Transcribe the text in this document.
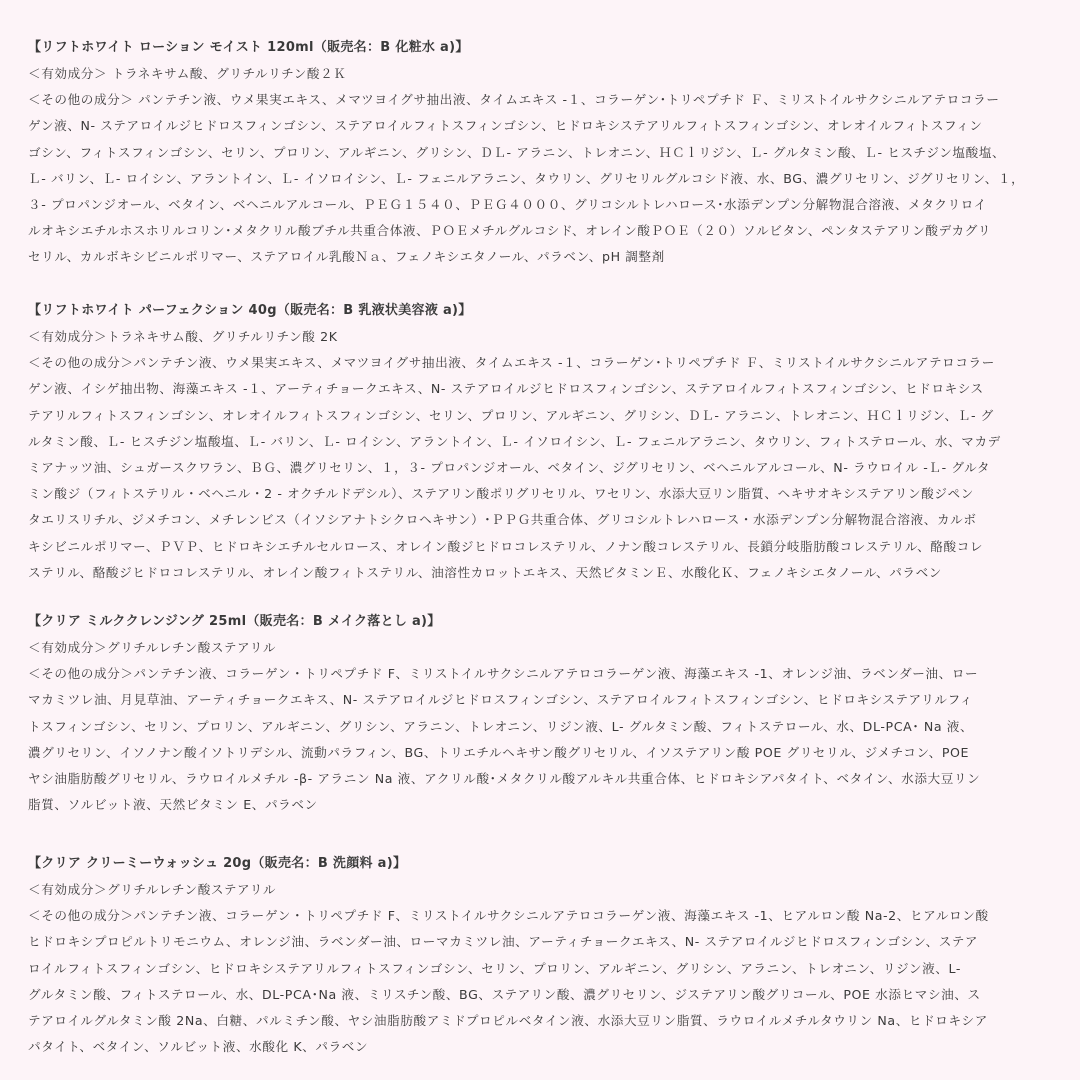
【リフトホワイト ローション モイスト 120ml（販売名：B 化粧水 a)】
＜有効成分＞ トラネキサム酸、グリチルリチン酸２Ｋ
＜その他の成分＞ パンテチン液、ウメ果実エキス、メマツヨイグサ抽出液、タイムエキス -１、コラーゲン･トリペプチド Ｆ、ミリストイルサクシニルアテロコラー
ゲン液、N- ステアロイルジヒドロスフィンゴシン、ステアロイルフィトスフィンゴシン、ヒドロキシステアリルフィトスフィンゴシン、オレオイルフィトスフィン
ゴシン、フィトスフィンゴシン、セリン、プロリン、アルギニン、グリシン、ＤＬ- アラニン、トレオニン、ＨＣｌリジン、Ｌ- グルタミン酸、Ｌ- ヒスチジン塩酸塩、
Ｌ- バリン、Ｌ- ロイシン、アラントイン、Ｌ- イソロイシン、Ｌ- フェニルアラニン、タウリン、グリセリルグルコシド液、水、BG、濃グリセリン、ジグリセリン、１，
３- プロパンジオール、ベタイン、ベヘニルアルコール、ＰＥＧ１５４０、ＰＥＧ４０００、グリコシルトレハロース･水添デンプン分解物混合溶液、メタクリロイ
ルオキシエチルホスホリルコリン･メタクリル酸ブチル共重合体液、ＰＯＥメチルグルコシド、オレイン酸ＰＯＥ（２０）ソルビタン、ペンタステアリン酸デカグリ
セリル、カルボキシビニルポリマー、ステアロイル乳酸Ｎａ、フェノキシエタノール、パラベン、pH 調整剤
【リフトホワイト パーフェクション 40g（販売名：B 乳液状美容液 a)】
＜有効成分＞トラネキサム酸、グリチルリチン酸 2K
＜その他の成分＞パンテチン液、ウメ果実エキス、メマツヨイグサ抽出液、タイムエキス -１、コラーゲン･トリペプチド Ｆ、ミリストイルサクシニルアテロコラー
ゲン液、イシゲ抽出物、海藻エキス -１、アーティチョークエキス、N- ステアロイルジヒドロスフィンゴシン、ステアロイルフィトスフィンゴシン、ヒドロキシス
テアリルフィトスフィンゴシン、オレオイルフィトスフィンゴシン、セリン、プロリン、アルギニン、グリシン、ＤＬ- アラニン、トレオニン、ＨＣｌリジン、Ｌ- グ
ルタミン酸、Ｌ- ヒスチジン塩酸塩、Ｌ- バリン、Ｌ- ロイシン、アラントイン、Ｌ- イソロイシン、Ｌ- フェニルアラニン、タウリン、フィトステロール、水、マカデ
ミアナッツ油、シュガースクワラン、ＢＧ、濃グリセリン、１，３- プロパンジオール、ベタイン、ジグリセリン、ベヘニルアルコール、N- ラウロイル -Ｌ- グルタ
ミン酸ジ（フィトステリル・ベヘニル・2 - オクチルドデシル）、ステアリン酸ポリグリセリル、ワセリン、水添大豆リン脂質、ヘキサオキシステアリン酸ジペン
タエリスリチル、ジメチコン、メチレンビス（イソシアナトシクロヘキサン）･ＰＰＧ共重合体、グリコシルトレハロース・水添デンプン分解物混合溶液、カルボ
キシビニルポリマー、ＰＶＰ、ヒドロキシエチルセルロース、オレイン酸ジヒドロコレステリル、ノナン酸コレステリル、長鎖分岐脂肪酸コレステリル、酪酸コレ
ステリル、酪酸ジヒドロコレステリル、オレイン酸フィトステリル、油溶性カロットエキス、天然ビタミンＥ、水酸化Ｋ、フェノキシエタノール、パラベン
【クリア ミルククレンジング 25ml（販売名：B メイク落とし a)】
＜有効成分＞グリチルレチン酸ステアリル
＜その他の成分＞パンテチン液、コラーゲン・トリペプチド F、ミリストイルサクシニルアテロコラーゲン液、海藻エキス -1、オレンジ油、ラベンダー油、ロー
マカミツレ油、月見草油、アーティチョークエキス、N- ステアロイルジヒドロスフィンゴシン、ステアロイルフィトスフィンゴシン、ヒドロキシステアリルフィ
トスフィンゴシン、セリン、プロリン、アルギニン、グリシン、アラニン、トレオニン、リジン液、L- グルタミン酸、フィトステロール、水、DL-PCA･ Na 液、
濃グリセリン、イソノナン酸イソトリデシル、流動パラフィン、BG、トリエチルヘキサン酸グリセリル、イソステアリン酸 POE グリセリル、ジメチコン、POE
ヤシ油脂肪酸グリセリル、ラウロイルメチル -β- アラニン Na 液、アクリル酸･メタクリル酸アルキル共重合体、ヒドロキシアパタイト、ベタイン、水添大豆リン
脂質、ソルビット液、天然ビタミン E、パラベン
【クリア クリーミーウォッシュ 20g（販売名：B 洗顔料 a)】
＜有効成分＞グリチルレチン酸ステアリル
＜その他の成分＞パンテチン液、コラーゲン・トリペプチド F、ミリストイルサクシニルアテロコラーゲン液、海藻エキス -1、ヒアルロン酸 Na-2、ヒアルロン酸
ヒドロキシプロピルトリモニウム、オレンジ油、ラベンダー油、ローマカミツレ油、アーティチョークエキス、N- ステアロイルジヒドロスフィンゴシン、ステア
ロイルフィトスフィンゴシン、ヒドロキシステアリルフィトスフィンゴシン、セリン、プロリン、アルギニン、グリシン、アラニン、トレオニン、リジン液、L-
グルタミン酸、フィトステロール、水、DL-PCA･Na 液、ミリスチン酸、BG、ステアリン酸、濃グリセリン、ジステアリン酸グリコール、POE 水添ヒマシ油、ス
テアロイルグルタミン酸 2Na、白糖、パルミチン酸、ヤシ油脂肪酸アミドプロピルベタイン液、水添大豆リン脂質、ラウロイルメチルタウリン Na、ヒドロキシア
パタイト、ベタイン、ソルビット液、水酸化 K、パラベン
